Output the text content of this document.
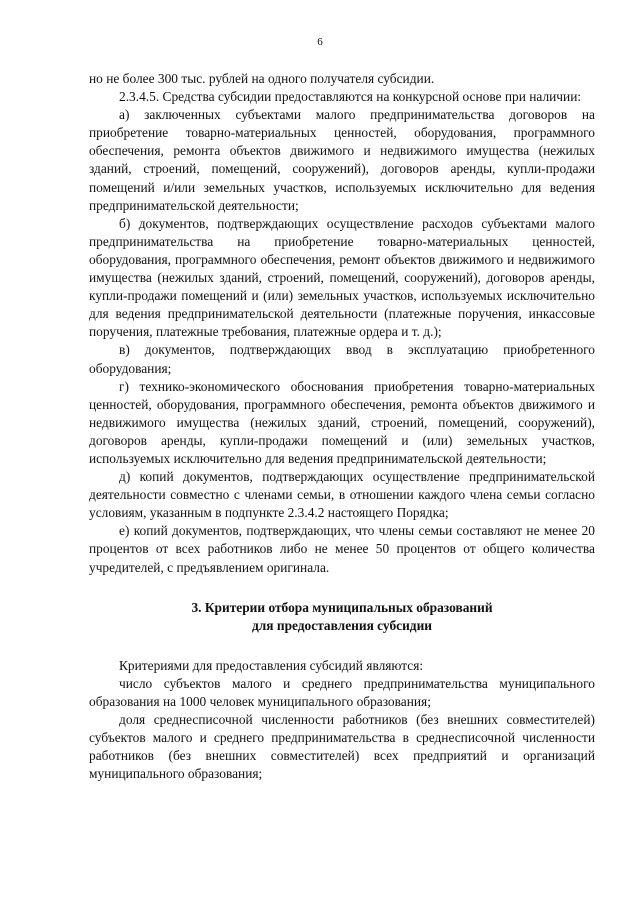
6

но не более 300 тыс. рублей на одного получателя субсидии.

2.3.4.5. Средства субсидии предоставляются на конкурсной основе при наличии:

а) заключенных субъектами малого предпринимательства договоров на приобретение товарно-материальных ценностей, оборудования, программного обеспечения, ремонта объектов движимого и недвижимого имущества (нежилых зданий, строений, помещений, сооружений), договоров аренды, купли-продажи помещений и/или земельных участков, используемых исключительно для ведения предпринимательской деятельности;

б) документов, подтверждающих осуществление расходов субъектами малого предпринимательства на приобретение товарно-материальных ценностей, оборудования, программного обеспечения, ремонт объектов движимого и недвижимого имущества (нежилых зданий, строений, помещений, сооружений), договоров аренды, купли-продажи помещений и (или) земельных участков, используемых исключительно для ведения предпринимательской деятельности (платежные поручения, инкассовые поручения, платежные требования, платежные ордера и т. д.);

в) документов, подтверждающих ввод в эксплуатацию приобретенного оборудования;

г) технико-экономического обоснования приобретения товарно-материальных ценностей, оборудования, программного обеспечения, ремонта объектов движимого и недвижимого имущества (нежилых зданий, строений, помещений, сооружений), договоров аренды, купли-продажи помещений и (или) земельных участков, используемых исключительно для ведения предпринимательской деятельности;

д) копий документов, подтверждающих осуществление предпринимательской деятельности совместно с членами семьи, в отношении каждого члена семьи согласно условиям, указанным в подпункте 2.3.4.2 настоящего Порядка;

е) копий документов, подтверждающих, что члены семьи составляют не менее 20 процентов от всех работников либо не менее 50 процентов от общего количества учредителей, с предъявлением оригинала.

3. Критерии отбора муниципальных образований
для предоставления субсидии

Критериями для предоставления субсидий являются:

число субъектов малого и среднего предпринимательства муниципального образования на 1000 человек муниципального образования;

доля среднесписочной численности работников (без внешних совместителей) субъектов малого и среднего предпринимательства в среднесписочной численности работников (без внешних совместителей) всех предприятий и организаций муниципального образования;
